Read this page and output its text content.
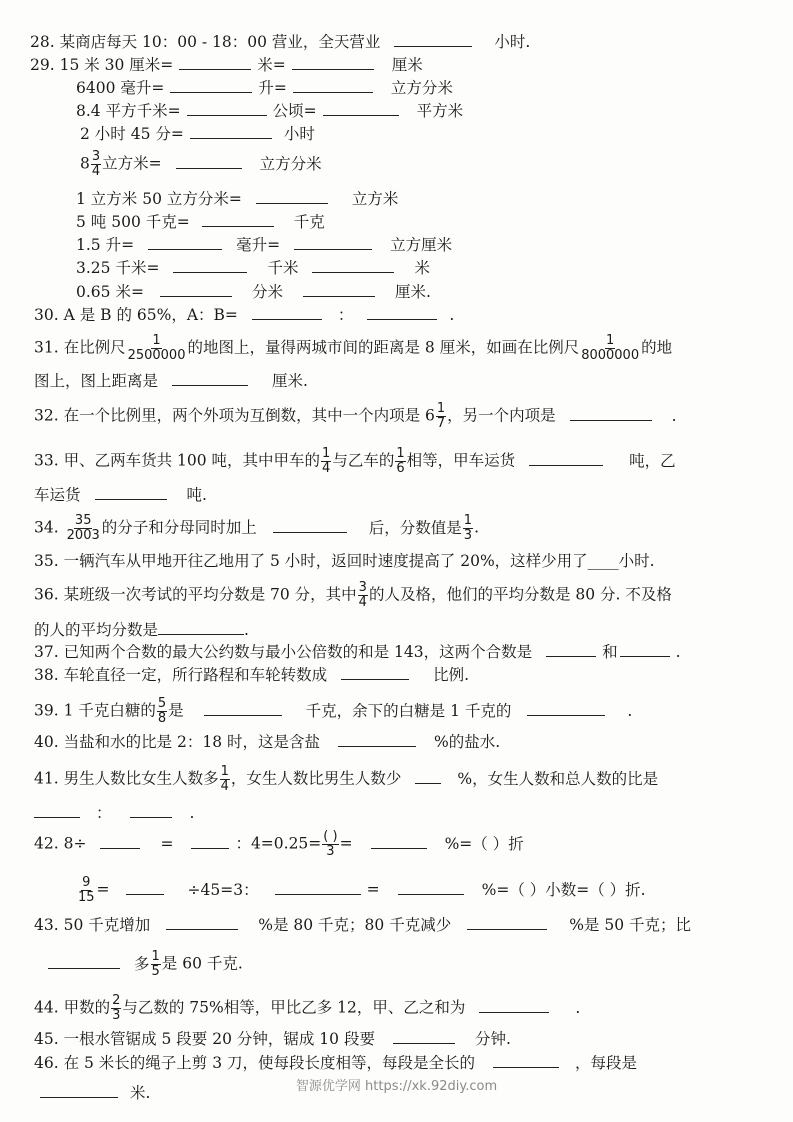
28. 某商店每天 10：00 - 18：00 营业，全天营业	小时.
29. 15 米 30 厘米=	米=	厘米
6400 毫升=	升=	立方分米
8.4 平方千米=	公顷=	平方米
2 小时 45 分=	小时
$8 \frac{3}{4}$ 立方米=	立方分米
1 立方米 50 立方分米=	立方米
5 吨 500 千克=	千克
1.5 升=	毫升=	立方厘米
3.25 千米=	千米	米
0.65 米=	分米	厘米.
30. A 是 B 的 65%，A：B=	：	.
31. 在比例尺 $\frac{1}{2500000}$ 的地图上，量得两城市间的距离是 8 厘米，如画在比例尺 $\frac{1}{8000000}$ 的地
图上，图上距离是	厘米.
32. 在一个比例里，两个外项为互倒数，其中一个内项是 $6 \frac{1}{7}$ ，另一个内项是	.
33. 甲、乙两车货共 100 吨，其中甲车的 $\frac{1}{4}$ 与乙车的 $\frac{1}{6}$ 相等，甲车运货	吨，乙
车运货	吨.
34. $\frac{35}{2003}$ 的分子和分母同时加上	后，分数值是 $\frac{1}{3}$ .
35. 一辆汽车从甲地开往乙地用了 5 小时，返回时速度提高了 20%，这样少用了____小时.
36. 某班级一次考试的平均分数是 70 分，其中 $\frac{3}{4}$ 的人及格，他们的平均分数是 80 分. 不及格
的人的平均分数是	.
37. 已知两个合数的最大公约数与最小公倍数的和是 143，这两个合数是	和	.
38. 车轮直径一定，所行路程和车轮转数成	比例.
39. 1 千克白糖的 $\frac{5}{8}$ 是	千克，余下的白糖是 1 千克的	.
40. 当盐和水的比是 2：18 时，这是含盐	%的盐水.
41. 男生人数比女生人数多 $\frac{1}{4}$ ，女生人数比男生人数少	%，女生人数和总人数的比是
：	.
42. 8÷	=	：$4=0.25= \frac{( )}{3}$ =	%=（ ）折
$\frac{9}{15}$ =	÷45=3：	=	%=（ ）小数=（ ）折.
43. 50 千克增加	%是 80 千克；80 千克减少	%是 50 千克；比
多 $\frac{1}{5}$ 是 60 千克.
44. 甲数的 $\frac{2}{3}$ 与乙数的 75%相等，甲比乙多 12，甲、乙之和为	.
45. 一根水管锯成 5 段要 20 分钟，锯成 10 段要	分钟.
46. 在 5 米长的绳子上剪 3 刀，使每段长度相等，每段是全长的	，每段是
米.	智源优学网 https://xk.92diy.com
